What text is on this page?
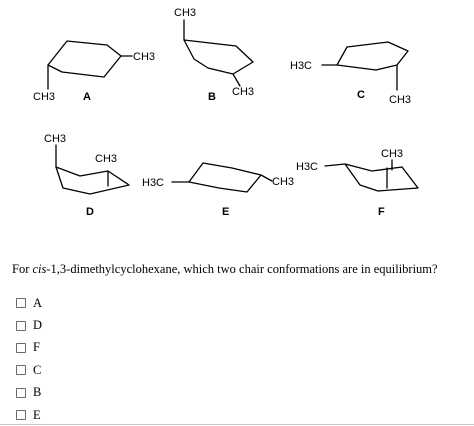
CH3
CH3	A
CH3
CH3
B
H3C
CH3
C
CH3
CH3
D
H3C	CH3
E
H3C
CH3
F
For cis-1,3-dimethylcyclohexane, which two chair conformations are in equilibrium?
A
D
F
C
B
E
